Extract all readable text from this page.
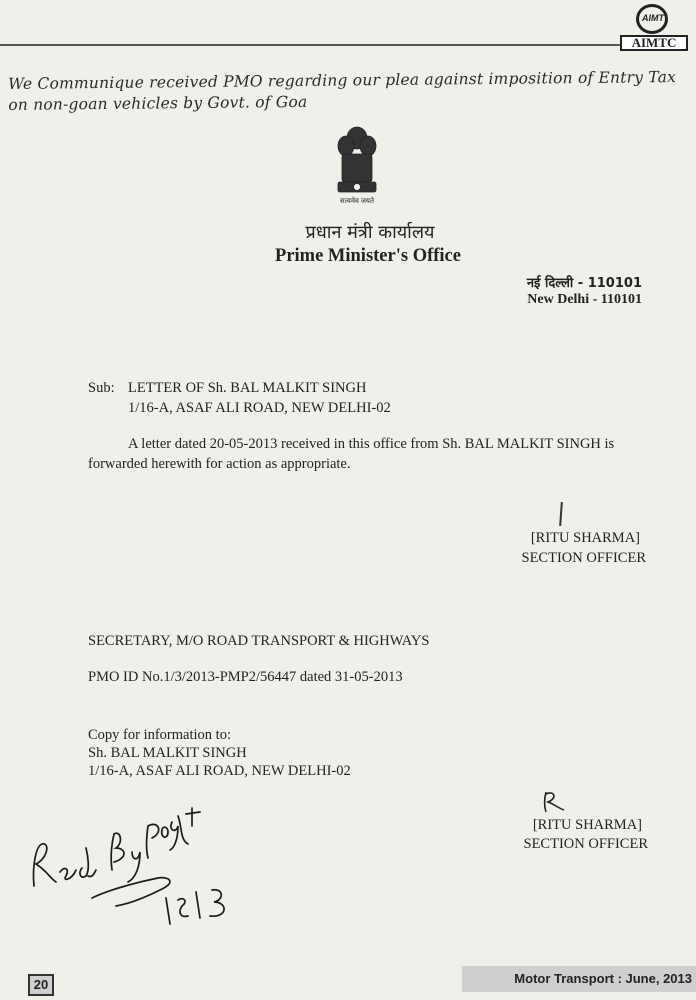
AIMT
AIMTC
We Communique received PMO regarding our plea against imposition of Entry Tax on non-goan vehicles by Govt. of Goa
सत्यमेव जयते
प्रधान मंत्री कार्यालय
Prime Minister's Office
नई दिल्ली - 110101
New Delhi - 110101
Sub: LETTER OF Sh. BAL MALKIT SINGH
1/16-A, ASAF ALI ROAD, NEW DELHI-02
A letter dated 20-05-2013 received in this office from Sh. BAL MALKIT SINGH is forwarded herewith for action as appropriate.
[RITU SHARMA]
SECTION OFFICER
SECRETARY, M/O ROAD TRANSPORT & HIGHWAYS
PMO ID No.1/3/2013-PMP2/56447 dated 31-05-2013
Copy for information to:
Sh. BAL MALKIT SINGH
1/16-A, ASAF ALI ROAD, NEW DELHI-02
[RITU SHARMA]
SECTION OFFICER
Motor Transport : June, 2013
20
